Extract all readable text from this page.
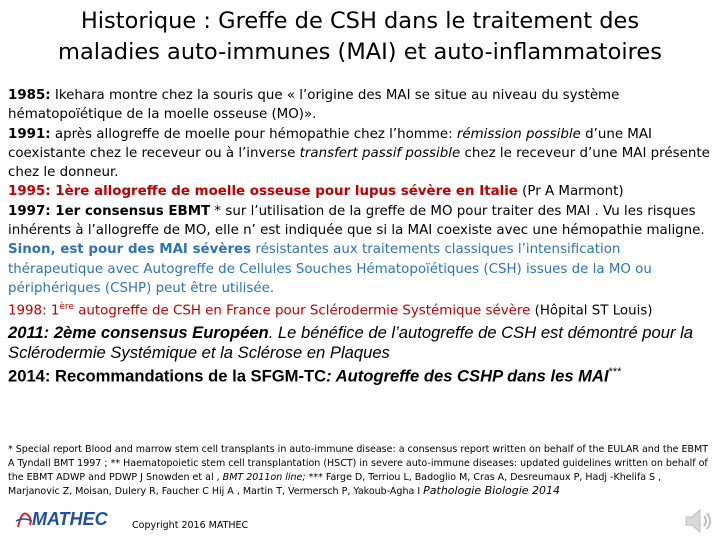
Historique : Greffe de CSH dans le traitement des
maladies auto-immunes (MAI) et auto-inflammatoires

1985: Ikehara montre chez la souris que « l’origine des MAI se situe au niveau du système hématopoïétique de la moelle osseuse (MO)».

1991: après allogreffe de moelle pour hémopathie chez l’homme: rémission possible d’une MAI coexistante chez le receveur ou à l’inverse transfert passif possible chez le receveur d’une MAI présente chez le donneur.

1995: 1ère allogreffe de moelle osseuse pour lupus sévère en Italie (Pr A Marmont)

1997: 1er consensus EBMT * sur l’utilisation de la greffe de MO pour traiter des MAI . Vu les risques inhérents à l’allogreffe de MO, elle n’ est indiquée que si la MAI coexiste avec une hémopathie maligne. Sinon, est pour des MAI sévères résistantes aux traitements classiques l’intensification thérapeutique avec Autogreffe de Cellules Souches Hématopoïétiques (CSH) issues de la MO ou périphériques (CSHP) peut être utilisée.

1998: 1ère autogreffe de CSH en France pour Sclérodermie Systémique sévère (Hôpital ST Louis)

2011: 2ème consensus Européen. Le bénéfice de l’autogreffe de CSH est démontré pour la Sclérodermie Systémique et la Sclérose en Plaques

2014: Recommandations de la SFGM-TC: Autogreffe des CSHP dans les MAI***

* Special report Blood and marrow stem cell transplants in auto-immune disease: a consensus report written on behalf of the EULAR and the EBMT A Tyndall BMT 1997 ; ** Haematopoietic stem cell transplantation (HSCT) in severe auto-immune diseases: updated guidelines written on behalf of the EBMT ADWP and PDWP J Snowden et al , BMT 2011on line; *** Farge D, Terriou L, Badoglio M, Cras A, Desreumaux P, Hadj -Khelifa S , Marjanovic Z, Moisan, Dulery R, Faucher C Hij A , Martin T, Vermersch P, Yakoub-Agha I Pathologie Biologie 2014
MATHEC	Copyright 2016 MATHEC
